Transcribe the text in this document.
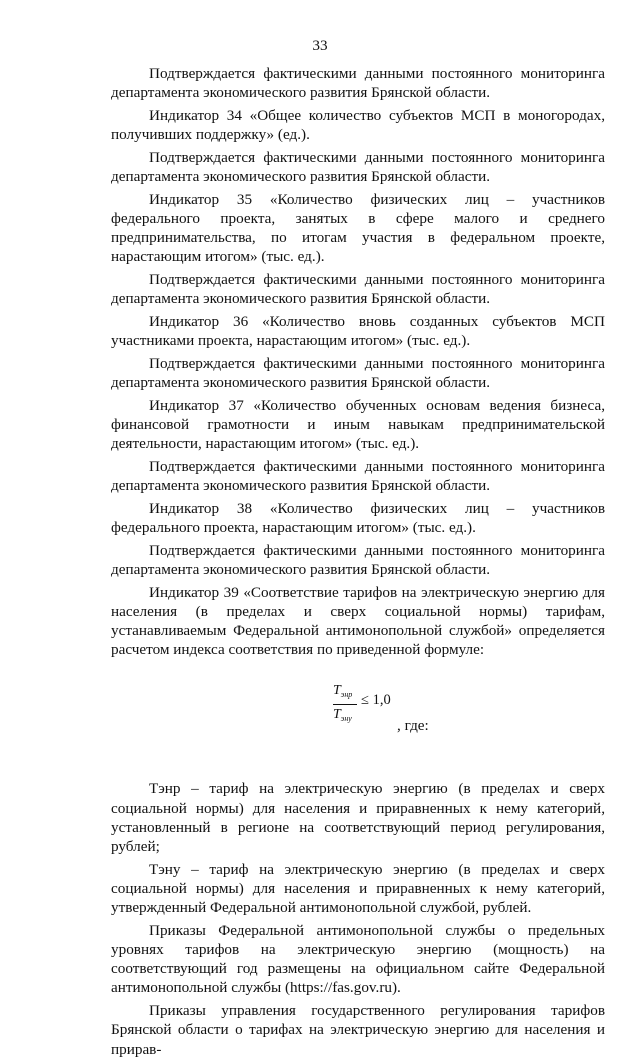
33

Подтверждается фактическими данными постоянного мониторинга департамента экономического развития Брянской области.

Индикатор 34 «Общее количество субъектов МСП в моногородах, получивших поддержку» (ед.).

Подтверждается фактическими данными постоянного мониторинга департамента экономического развития Брянской области.

Индикатор 35 «Количество физических лиц – участников федерального проекта, занятых в сфере малого и среднего предпринимательства, по итогам участия в федеральном проекте, нарастающим итогом» (тыс. ед.).

Подтверждается фактическими данными постоянного мониторинга департамента экономического развития Брянской области.

Индикатор 36 «Количество вновь созданных субъектов МСП участниками проекта, нарастающим итогом» (тыс. ед.).

Подтверждается фактическими данными постоянного мониторинга департамента экономического развития Брянской области.

Индикатор 37 «Количество обученных основам ведения бизнеса, финансовой грамотности и иным навыкам предпринимательской деятельности, нарастающим итогом» (тыс. ед.).

Подтверждается фактическими данными постоянного мониторинга департамента экономического развития Брянской области.

Индикатор 38 «Количество физических лиц – участников федерального проекта, нарастающим итогом» (тыс. ед.).

Подтверждается фактическими данными постоянного мониторинга департамента экономического развития Брянской области.

Индикатор 39 «Соответствие тарифов на электрическую энергию для населения (в пределах и сверх социальной нормы) тарифам, устанавливаемым Федеральной антимонопольной службой» определяется расчетом индекса соответствия по приведенной формуле:

$T_{энр}$
$T_{эну}$
≤ 1,0
, где:

Тэнр – тариф на электрическую энергию (в пределах и сверх социальной нормы) для населения и приравненных к нему категорий, установленный в регионе на соответствующий период регулирования, рублей;

Тэну – тариф на электрическую энергию (в пределах и сверх социальной нормы) для населения и приравненных к нему категорий, утвержденный Федеральной антимонопольной службой, рублей.

Приказы Федеральной антимонопольной службы о предельных уровнях тарифов на электрическую энергию (мощность) на соответствующий год размещены на официальном сайте Федеральной антимонопольной службы (https://fas.gov.ru).

Приказы управления государственного регулирования тарифов Брянской области о тарифах на электрическую энергию для населения и прирав-
